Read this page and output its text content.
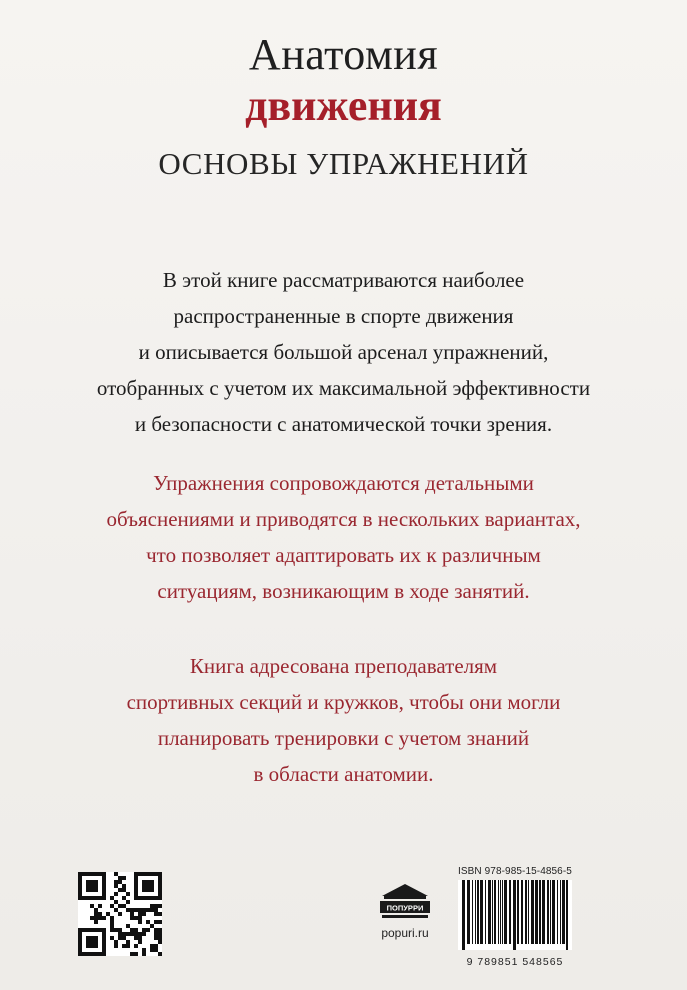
Анатомия
движения
ОСНОВЫ УПРАЖНЕНИЙ
В этой книге рассматриваются наиболее
распространенные в спорте движения
и описывается большой арсенал упражнений,
отобранных с учетом их максимальной эффективности
и безопасности с анатомической точки зрения.
Упражнения сопровождаются детальными
объяснениями и приводятся в нескольких вариантах,
что позволяет адаптировать их к различным
ситуациям, возникающим в ходе занятий.
Книга адресована преподавателям
спортивных секций и кружков, чтобы они могли
планировать тренировки с учетом знаний
в области анатомии.
ПОПУРРИ
popuri.ru
ISBN 978-985-15-4856-5
9 789851 548565
